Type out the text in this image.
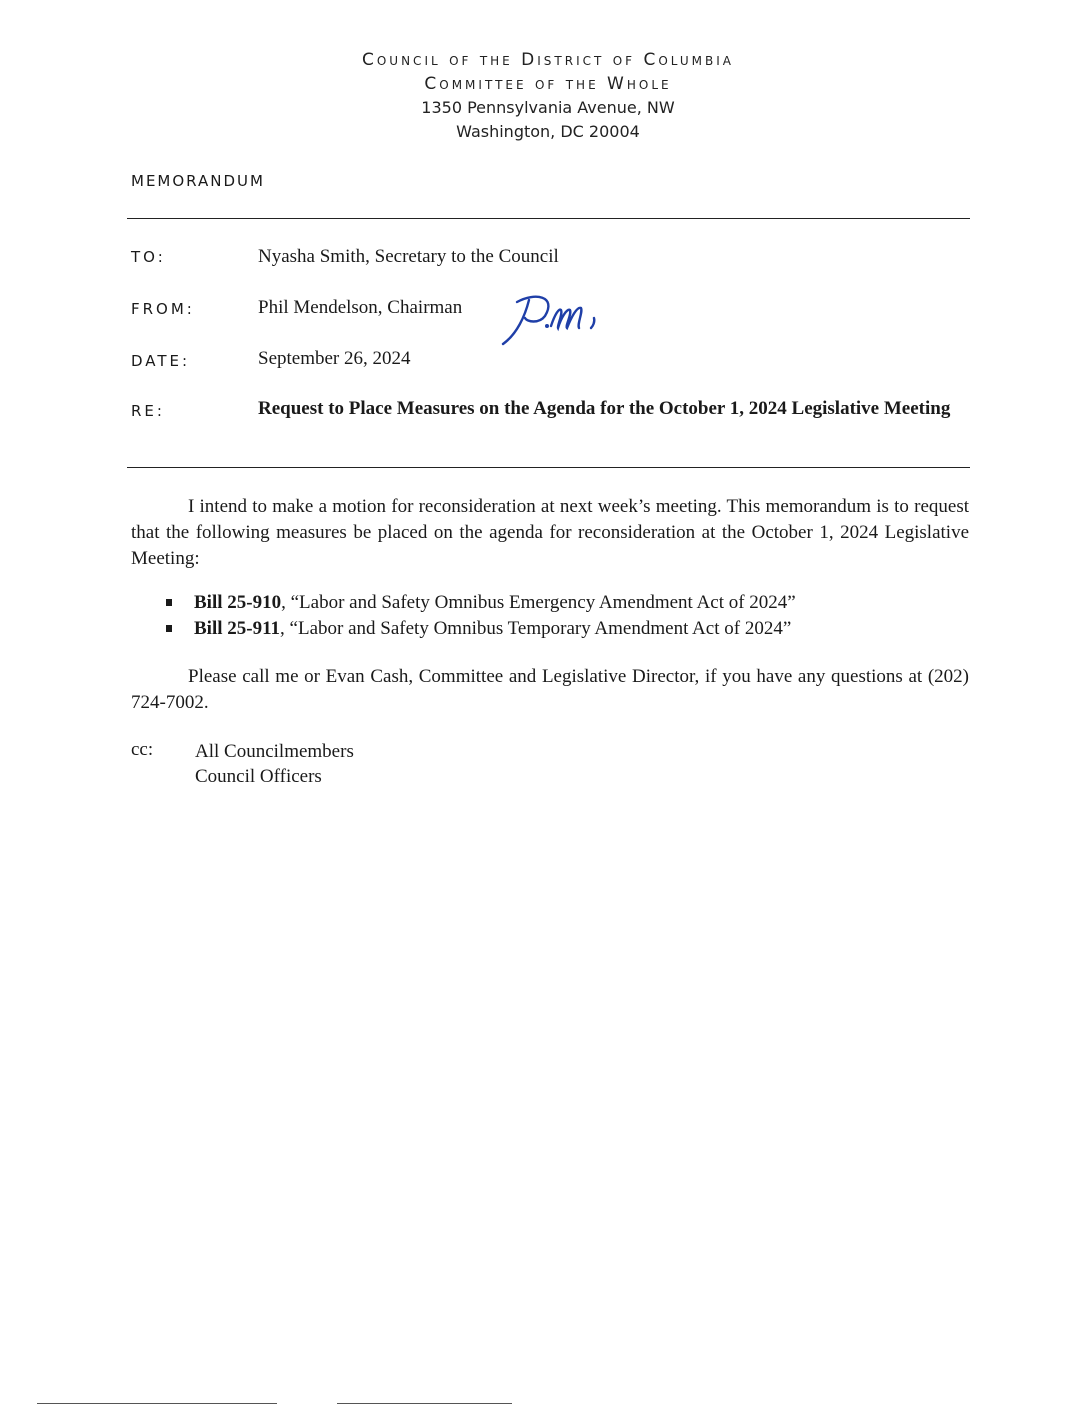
Council of the District of Columbia
Committee of the Whole
1350 Pennsylvania Avenue, NW
Washington, DC 20004
MEMORANDUM
TO:	Nyasha Smith, Secretary to the Council
FROM:	Phil Mendelson, Chairman
DATE:	September 26, 2024
RE:	Request to Place Measures on the Agenda for the October 1, 2024 Legislative Meeting
I intend to make a motion for reconsideration at next week’s meeting. This memorandum is to request that the following measures be placed on the agenda for reconsideration at the October 1, 2024 Legislative Meeting:
Bill 25-910, “Labor and Safety Omnibus Emergency Amendment Act of 2024”
Bill 25-911, “Labor and Safety Omnibus Temporary Amendment Act of 2024”
Please call me or Evan Cash, Committee and Legislative Director, if you have any questions at (202) 724-7002.
cc: All Councilmembers
Council Officers
